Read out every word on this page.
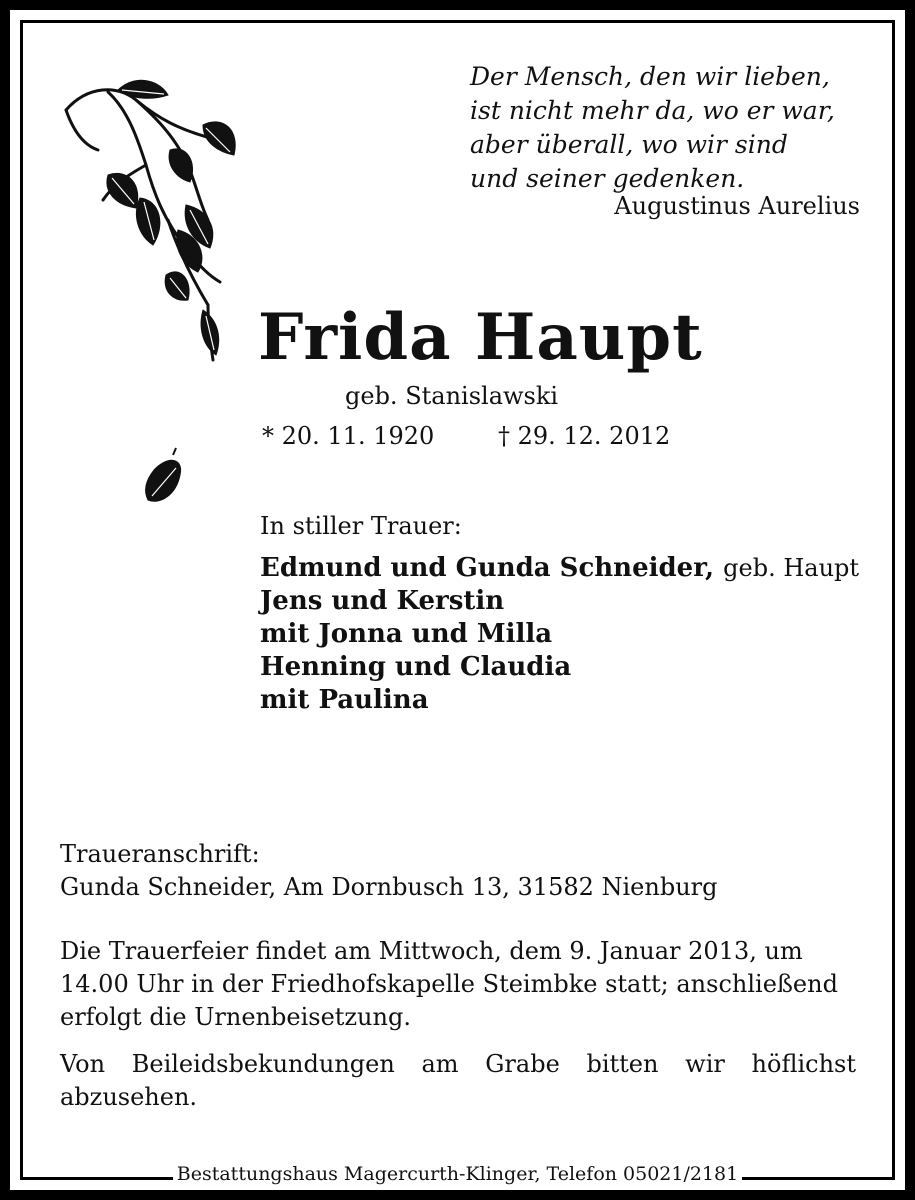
Der Mensch, den wir lieben,
ist nicht mehr da, wo er war,
aber überall, wo wir sind
und seiner gedenken.
Augustinus Aurelius
Frida Haupt
geb. Stanislawski
* 20. 11. 1920	† 29. 12. 2012
In stiller Trauer:
Edmund und Gunda Schneider, geb. Haupt
Jens und Kerstin
mit Jonna und Milla
Henning und Claudia
mit Paulina
Traueranschrift:
Gunda Schneider, Am Dornbusch 13, 31582 Nienburg
Die Trauerfeier findet am Mittwoch, dem 9. Januar 2013, um 14.00 Uhr in der Friedhofskapelle Steimbke statt; anschließend erfolgt die Urnenbeisetzung.
Von Beileidsbekundungen am Grabe bitten wir höflichst abzusehen.
Bestattungshaus Magercurth-Klinger, Telefon 05021/2181
